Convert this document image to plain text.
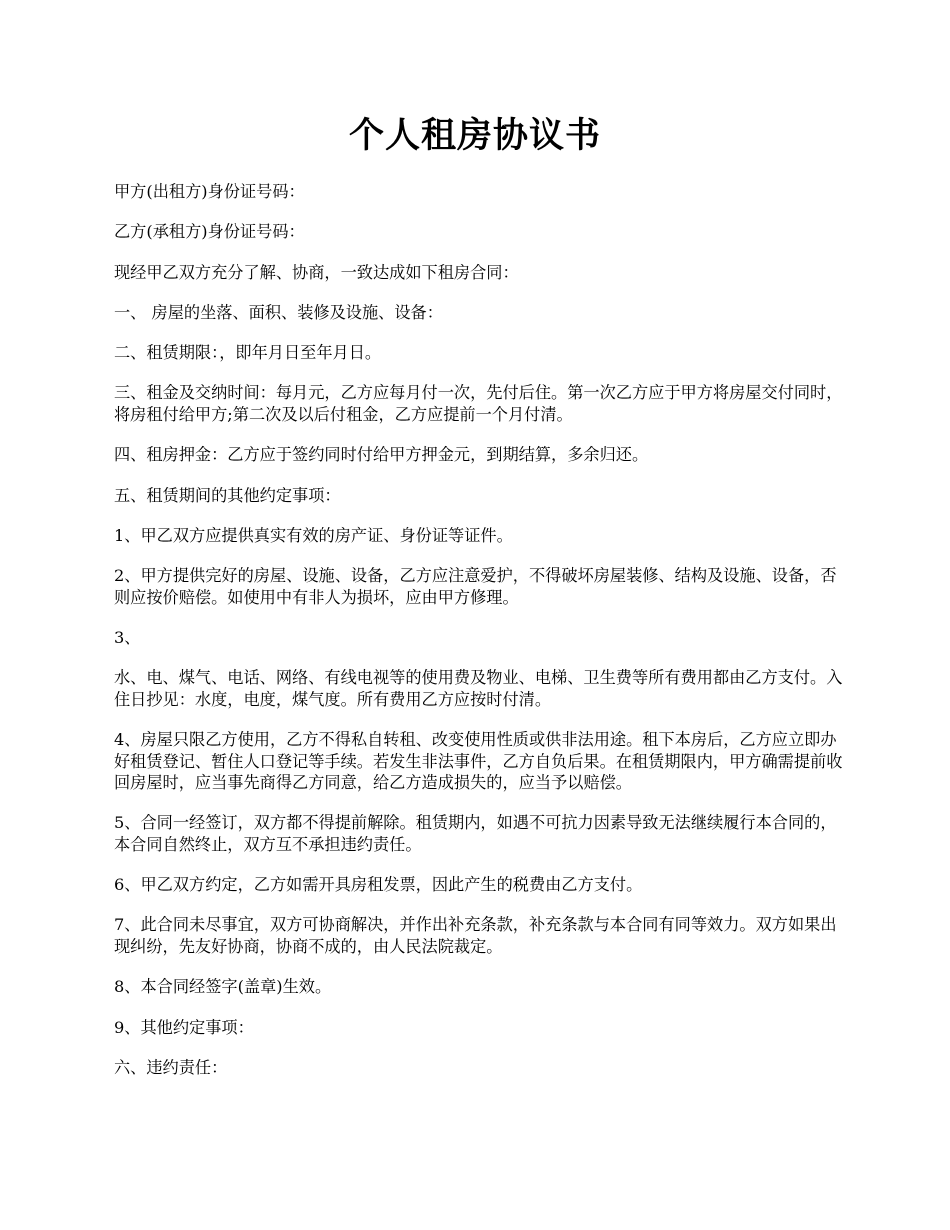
个人租房协议书

甲方(出租方)身份证号码：

乙方(承租方)身份证号码：

现经甲乙双方充分了解、协商，一致达成如下租房合同：

一、 房屋的坐落、面积、装修及设施、设备：

二、租赁期限：，即年月日至年月日。

三、租金及交纳时间：每月元，乙方应每月付一次，先付后住。第一次乙方应于甲方将房屋交付同时，将房租付给甲方;第二次及以后付租金，乙方应提前一个月付清。

四、租房押金：乙方应于签约同时付给甲方押金元，到期结算，多余归还。

五、租赁期间的其他约定事项：

1、甲乙双方应提供真实有效的房产证、身份证等证件。

2、甲方提供完好的房屋、设施、设备，乙方应注意爱护，不得破坏房屋装修、结构及设施、设备，否则应按价赔偿。如使用中有非人为损坏，应由甲方修理。

3、

水、电、煤气、电话、网络、有线电视等的使用费及物业、电梯、卫生费等所有费用都由乙方支付。入住日抄见：水度，电度，煤气度。所有费用乙方应按时付清。

4、房屋只限乙方使用，乙方不得私自转租、改变使用性质或供非法用途。租下本房后，乙方应立即办好租赁登记、暂住人口登记等手续。若发生非法事件，乙方自负后果。在租赁期限内，甲方确需提前收回房屋时，应当事先商得乙方同意，给乙方造成损失的，应当予以赔偿。

5、合同一经签订，双方都不得提前解除。租赁期内，如遇不可抗力因素导致无法继续履行本合同的，本合同自然终止，双方互不承担违约责任。

6、甲乙双方约定，乙方如需开具房租发票，因此产生的税费由乙方支付。

7、此合同未尽事宜，双方可协商解决，并作出补充条款，补充条款与本合同有同等效力。双方如果出现纠纷，先友好协商，协商不成的，由人民法院裁定。

8、本合同经签字(盖章)生效。

9、其他约定事项：

六、违约责任：
